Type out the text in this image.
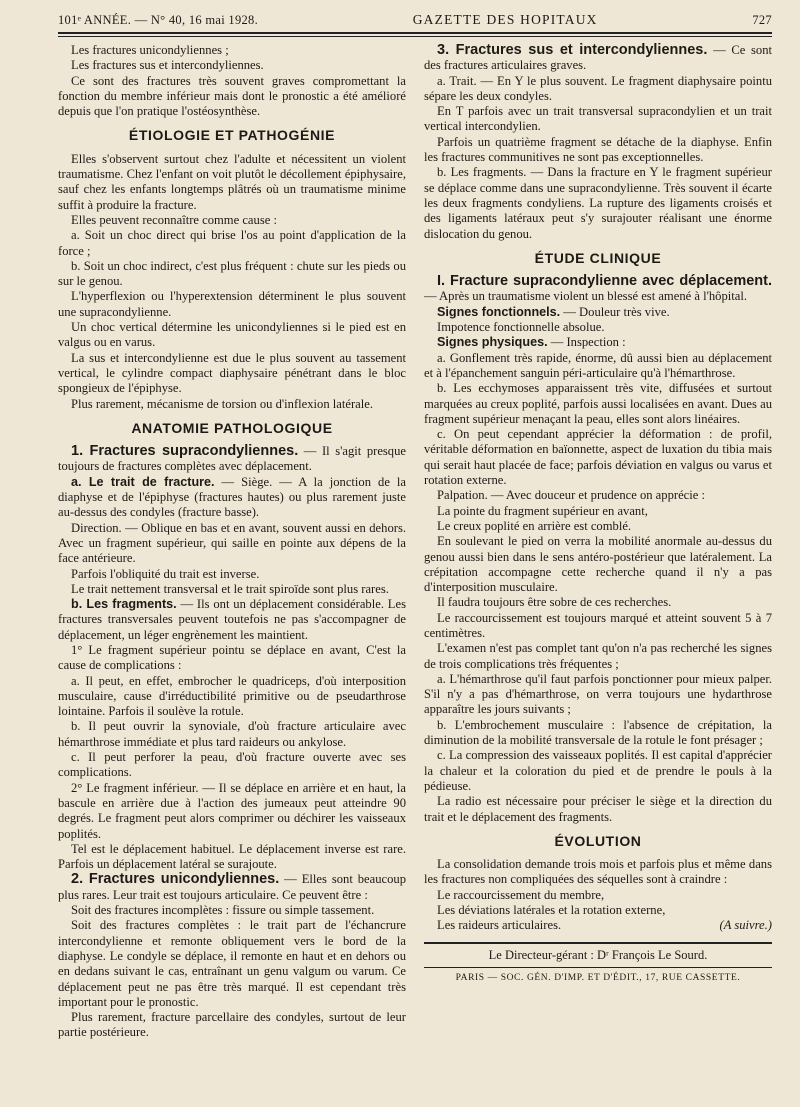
101ᵉ ANNÉE. — N° 40, 16 mai 1928.	GAZETTE DES HOPITAUX	727

Les fractures unicondyliennes ;

Les fractures sus et intercondyliennes.

Ce sont des fractures très souvent graves compromettant la fonction du membre inférieur mais dont le pronostic a été amélioré depuis que l'on pratique l'ostéosynthèse.

ÉTIOLOGIE ET PATHOGÉNIE

Elles s'observent surtout chez l'adulte et nécessitent un violent traumatisme. Chez l'enfant on voit plutôt le décollement épiphysaire, sauf chez les enfants longtemps plâtrés où un traumatisme minime suffit à produire la fracture.

Elles peuvent reconnaître comme cause :

a. Soit un choc direct qui brise l'os au point d'application de la force ;

b. Soit un choc indirect, c'est plus fréquent : chute sur les pieds ou sur le genou.

L'hyperflexion ou l'hyperextension déterminent le plus souvent une supracondylienne.

Un choc vertical détermine les unicondyliennes si le pied est en valgus ou en varus.

La sus et intercondylienne est due le plus souvent au tassement vertical, le cylindre compact diaphysaire pénétrant dans le bloc spongieux de l'épiphyse.

Plus rarement, mécanisme de torsion ou d'inflexion latérale.

ANATOMIE PATHOLOGIQUE

1. Fractures supracondyliennes. — Il s'agit presque toujours de fractures complètes avec déplacement.

a. Le trait de fracture. — Siège. — A la jonction de la diaphyse et de l'épiphyse (fractures hautes) ou plus rarement juste au-dessus des condyles (fracture basse).

Direction. — Oblique en bas et en avant, souvent aussi en dehors. Avec un fragment supérieur, qui saille en pointe aux dépens de la face antérieure.

Parfois l'obliquité du trait est inverse.

Le trait nettement transversal et le trait spiroïde sont plus rares.

b. Les fragments. — Ils ont un déplacement considérable. Les fractures transversales peuvent toutefois ne pas s'accompagner de déplacement, un léger engrènement les maintient.

1° Le fragment supérieur pointu se déplace en avant, C'est la cause de complications :

a. Il peut, en effet, embrocher le quadriceps, d'où interposition musculaire, cause d'irréductibilité primitive ou de pseudarthrose lointaine. Parfois il soulève la rotule.

b. Il peut ouvrir la synoviale, d'où fracture articulaire avec hémarthrose immédiate et plus tard raideurs ou ankylose.

c. Il peut perforer la peau, d'où fracture ouverte avec ses complications.

2° Le fragment inférieur. — Il se déplace en arrière et en haut, la bascule en arrière due à l'action des jumeaux peut atteindre 90 degrés. Le fragment peut alors comprimer ou déchirer les vaisseaux poplités.

Tel est le déplacement habituel. Le déplacement inverse est rare. Parfois un déplacement latéral se surajoute.

2. Fractures unicondyliennes. — Elles sont beaucoup plus rares. Leur trait est toujours articulaire. Ce peuvent être :

Soit des fractures incomplètes : fissure ou simple tassement.

Soit des fractures complètes : le trait part de l'échancrure intercondylienne et remonte obliquement vers le bord de la diaphyse. Le condyle se déplace, il remonte en haut et en dehors ou en dedans suivant le cas, entraînant un genu valgum ou varum. Ce déplacement peut ne pas être très marqué. Il est cependant très important pour le pronostic.

Plus rarement, fracture parcellaire des condyles, surtout de leur partie postérieure.

3. Fractures sus et intercondyliennes. — Ce sont des fractures articulaires graves.

a. Trait. — En Y le plus souvent. Le fragment diaphysaire pointu sépare les deux condyles.

En T parfois avec un trait transversal supracondylien et un trait vertical intercondylien.

Parfois un quatrième fragment se détache de la diaphyse. Enfin les fractures communitives ne sont pas exceptionnelles.

b. Les fragments. — Dans la fracture en Y le fragment supérieur se déplace comme dans une supracondylienne. Très souvent il écarte les deux fragments condyliens. La rupture des ligaments croisés et des ligaments latéraux peut s'y surajouter réalisant une énorme dislocation du genou.

ÉTUDE CLINIQUE

I. Fracture supracondylienne avec déplacement. — Après un traumatisme violent un blessé est amené à l'hôpital.

Signes fonctionnels. — Douleur très vive.

Impotence fonctionnelle absolue.

Signes physiques. — Inspection :

a. Gonflement très rapide, énorme, dû aussi bien au déplacement et à l'épanchement sanguin péri-articulaire qu'à l'hémarthrose.

b. Les ecchymoses apparaissent très vite, diffusées et surtout marquées au creux poplité, parfois aussi localisées en avant. Dues au fragment supérieur menaçant la peau, elles sont alors linéaires.

c. On peut cependant apprécier la déformation : de profil, véritable déformation en baïonnette, aspect de luxation du tibia mais qui serait haut placée de face; parfois déviation en valgus ou varus et rotation externe.

Palpation. — Avec douceur et prudence on apprécie :

La pointe du fragment supérieur en avant,

Le creux poplité en arrière est comblé.

En soulevant le pied on verra la mobilité anormale au-dessus du genou aussi bien dans le sens antéro-postérieur que latéralement. La crépitation accompagne cette recherche quand il n'y a pas d'interposition musculaire.

Il faudra toujours être sobre de ces recherches.

Le raccourcissement est toujours marqué et atteint souvent 5 à 7 centimètres.

L'examen n'est pas complet tant qu'on n'a pas recherché les signes de trois complications très fréquentes ;

a. L'hémarthrose qu'il faut parfois ponctionner pour mieux palper. S'il n'y a pas d'hémarthrose, on verra toujours une hydarthrose apparaître les jours suivants ;

b. L'embrochement musculaire : l'absence de crépitation, la diminution de la mobilité transversale de la rotule le font présager ;

c. La compression des vaisseaux poplités. Il est capital d'apprécier la chaleur et la coloration du pied et de prendre le pouls à la pédieuse.

La radio est nécessaire pour préciser le siège et la direction du trait et le déplacement des fragments.

ÉVOLUTION

La consolidation demande trois mois et parfois plus et même dans les fractures non compliquées des séquelles sont à craindre :

Le raccourcissement du membre,

Les déviations latérales et la rotation externe,

Les raideurs articulaires.	(A suivre.)

Le Directeur-gérant : Dʳ François Le Sourd.
PARIS — SOC. GÉN. D'IMP. ET D'ÉDIT., 17, RUE CASSETTE.
